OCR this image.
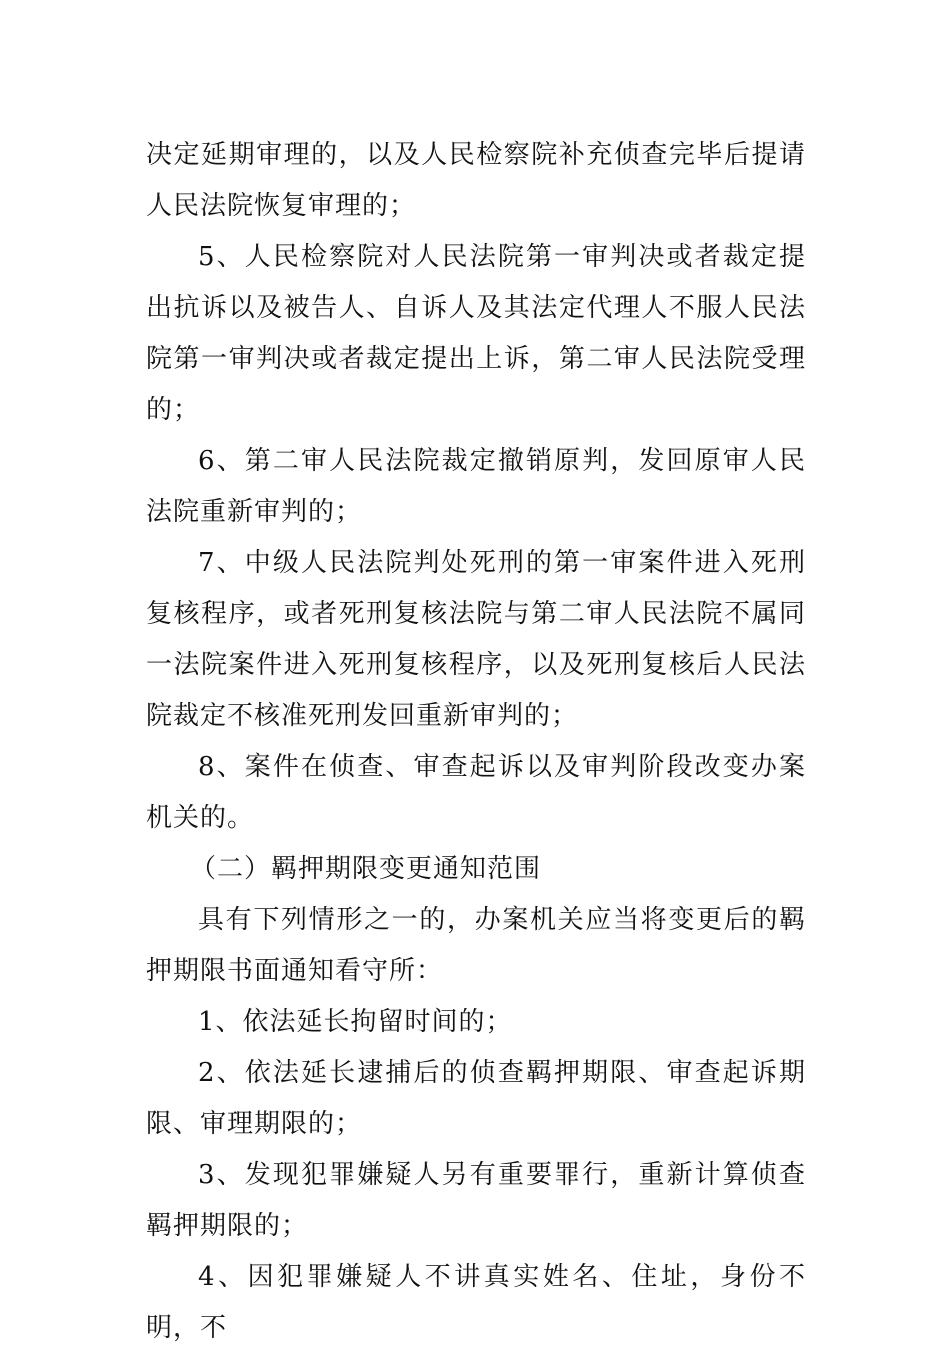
决定延期审理的，以及人民检察院补充侦查完毕后提请人民法院恢复审理的；

5、人民检察院对人民法院第一审判决或者裁定提出抗诉以及被告人、自诉人及其法定代理人不服人民法院第一审判决或者裁定提出上诉，第二审人民法院受理的；

6、第二审人民法院裁定撤销原判，发回原审人民法院重新审判的；

7、中级人民法院判处死刑的第一审案件进入死刑复核程序，或者死刑复核法院与第二审人民法院不属同一法院案件进入死刑复核程序，以及死刑复核后人民法院裁定不核准死刑发回重新审判的；

8、案件在侦查、审查起诉以及审判阶段改变办案机关的。

（二）羁押期限变更通知范围

具有下列情形之一的，办案机关应当将变更后的羁押期限书面通知看守所：

1、依法延长拘留时间的；

2、依法延长逮捕后的侦查羁押期限、审查起诉期限、审理期限的；

3、发现犯罪嫌疑人另有重要罪行，重新计算侦查羁押期限的；

4、因犯罪嫌疑人不讲真实姓名、住址，身份不明，不
